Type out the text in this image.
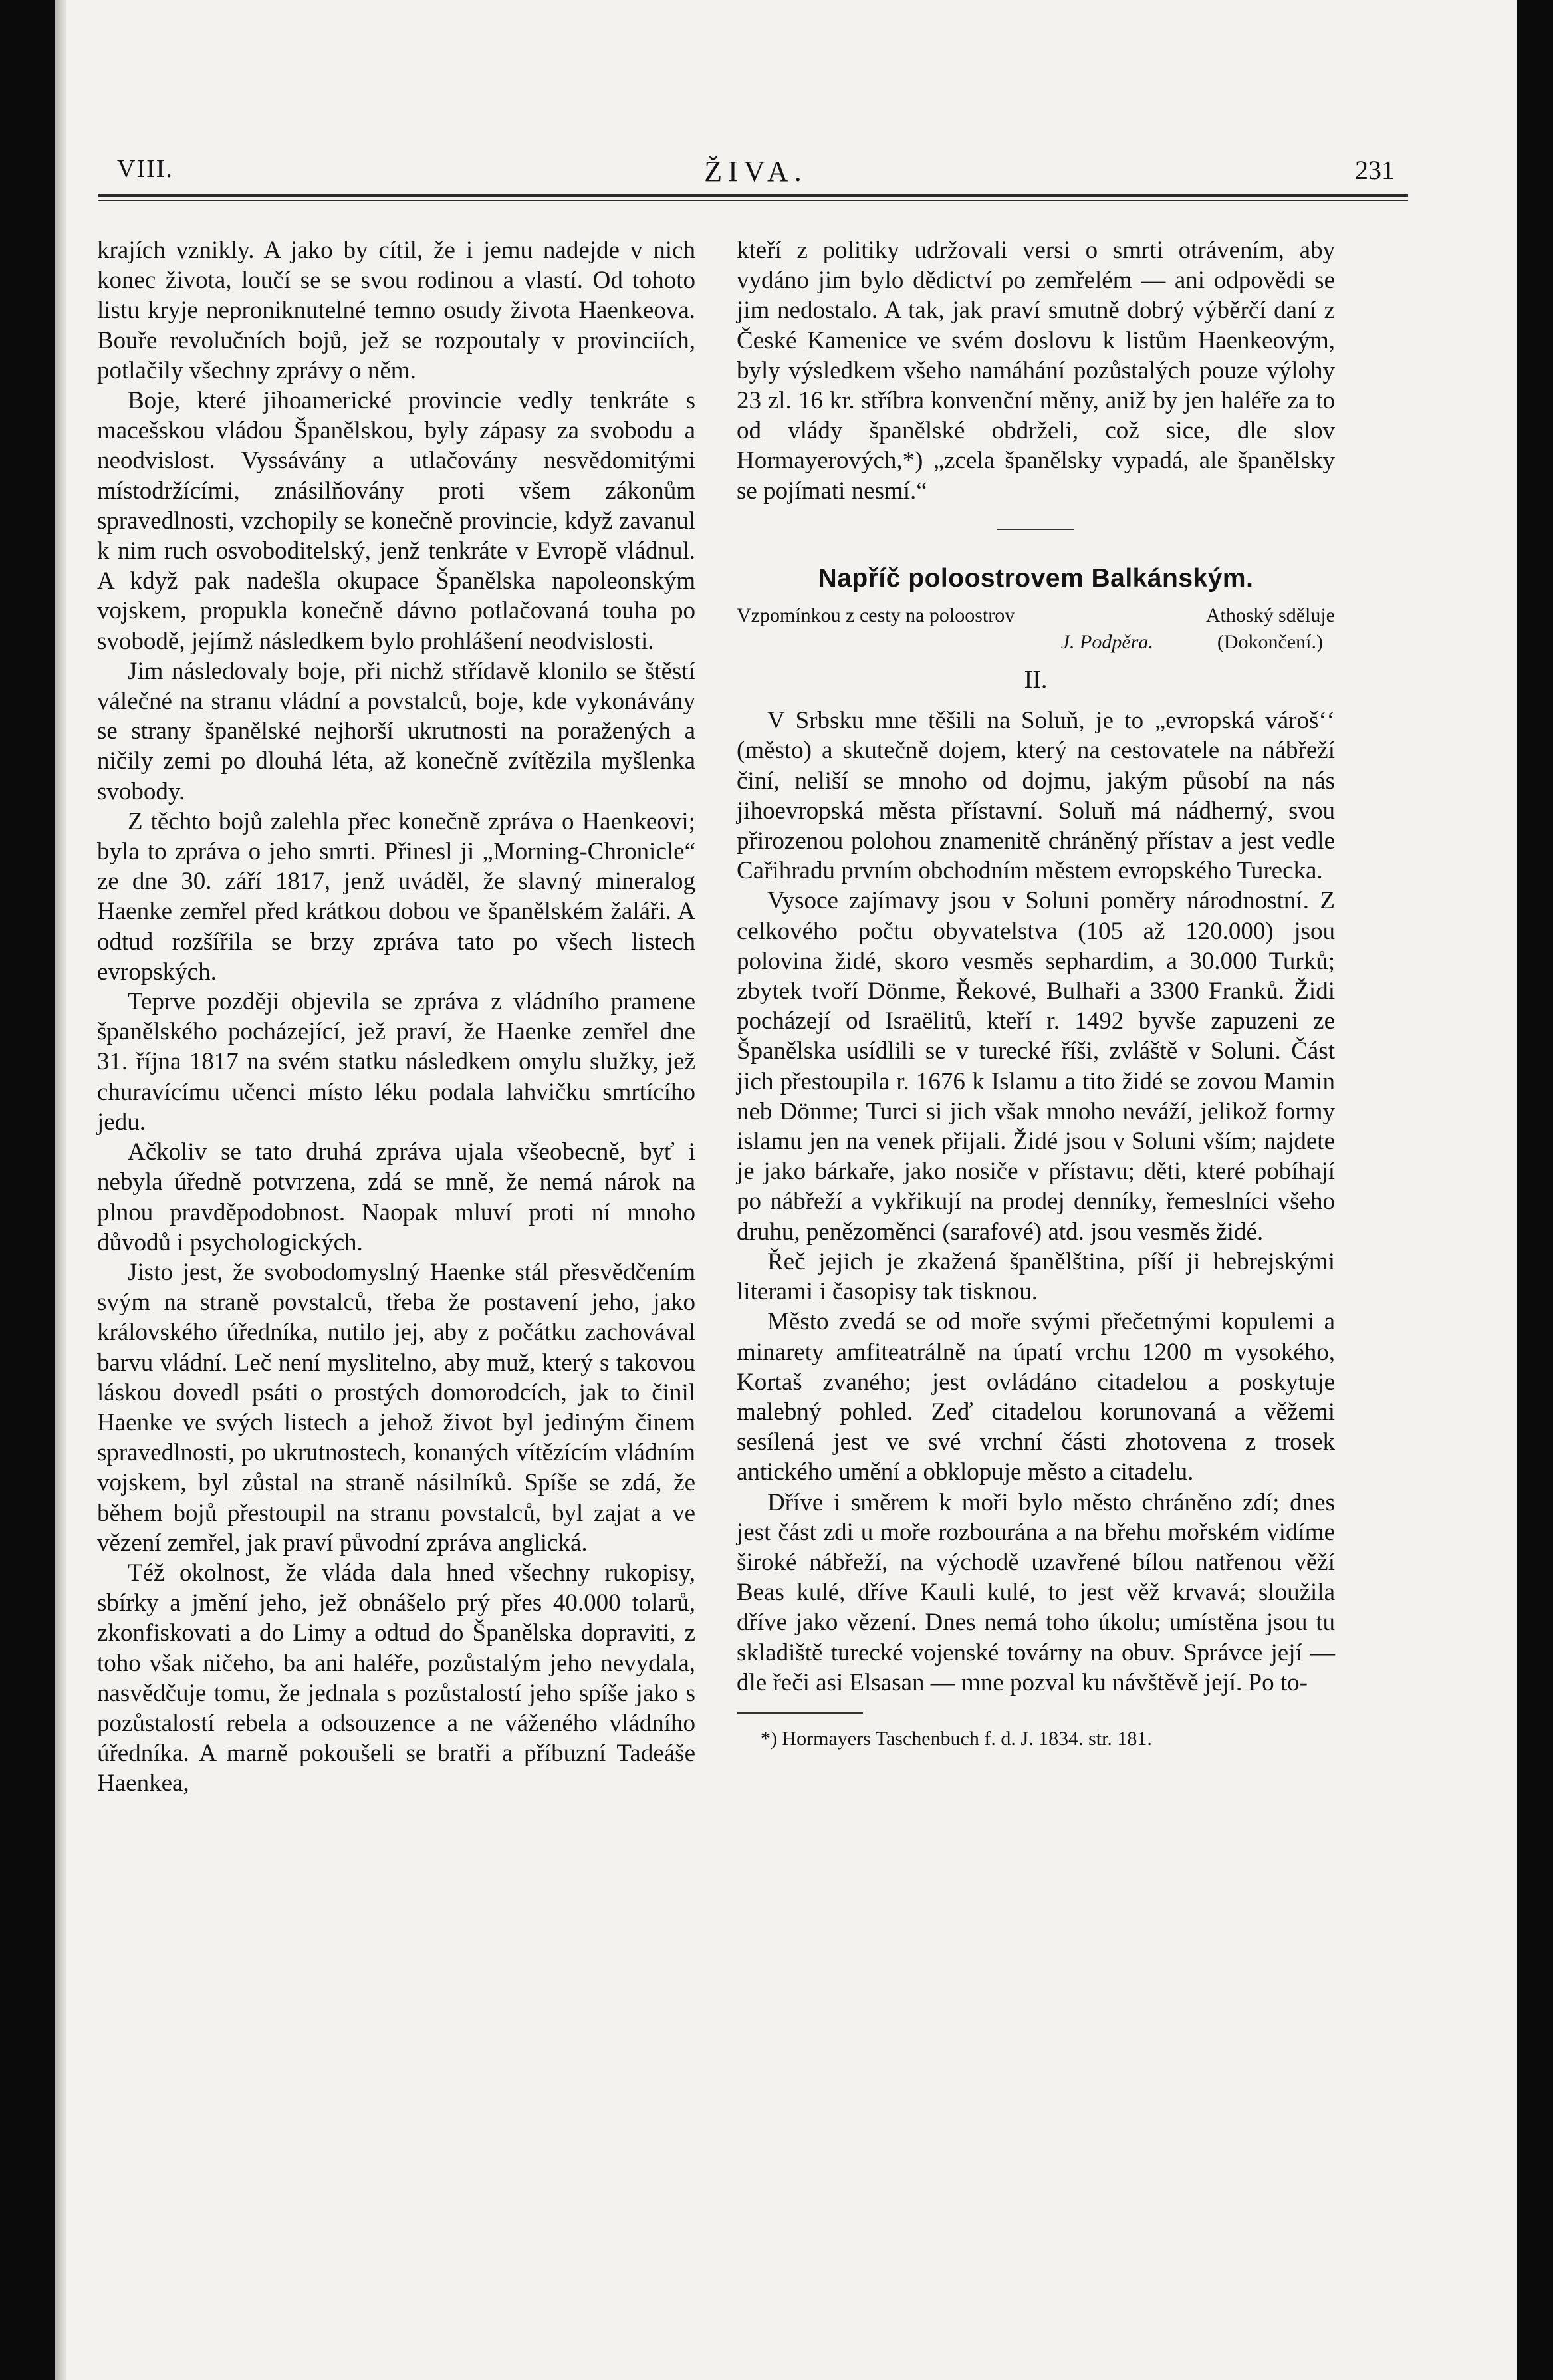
VIII.	ŽIVA.	231

krajích vznikly. A jako by cítil, že i jemu nadejde v nich konec života, loučí se se svou rodinou a vlastí. Od tohoto listu kryje neproniknutelné temno osudy života Haenkeova. Bouře revolučních bojů, jež se rozpoutaly v provinciích, potlačily všechny zprávy o něm.

Boje, které jihoamerické provincie vedly tenkráte s macešskou vládou Španělskou, byly zápasy za svobodu a neodvislost. Vyssávány a utlačovány nesvědomitými místodržícími, znásilňovány proti všem zákonům spravedlnosti, vzchopily se konečně provincie, když zavanul k nim ruch osvoboditelský, jenž tenkráte v Evropě vládnul. A když pak nadešla okupace Španělska napoleonským vojskem, propukla konečně dávno potlačovaná touha po svobodě, jejímž následkem bylo prohlášení neodvislosti.

Jim následovaly boje, při nichž střídavě klonilo se štěstí válečné na stranu vládní a povstalců, boje, kde vykonávány se strany španělské nejhorší ukrutnosti na poražených a ničily zemi po dlouhá léta, až konečně zvítězila myšlenka svobody.

Z těchto bojů zalehla přec konečně zpráva o Haenkeovi; byla to zpráva o jeho smrti. Přinesl ji „Morning-Chronicle“ ze dne 30. září 1817, jenž uváděl, že slavný mineralog Haenke zemřel před krátkou dobou ve španělském žaláři. A odtud rozšířila se brzy zpráva tato po všech listech evropských.

Teprve později objevila se zpráva z vládního pramene španělského pocházející, jež praví, že Haenke zemřel dne 31. října 1817 na svém statku následkem omylu služky, jež churavícímu učenci místo léku podala lahvičku smrtícího jedu.

Ačkoliv se tato druhá zpráva ujala všeobecně, byť i nebyla úředně potvrzena, zdá se mně, že nemá nárok na plnou pravděpodobnost. Naopak mluví proti ní mnoho důvodů i psychologických.

Jisto jest, že svobodomyslný Haenke stál přesvědčením svým na straně povstalců, třeba že postavení jeho, jako královského úředníka, nutilo jej, aby z počátku zachovával barvu vládní. Leč není myslitelno, aby muž, který s takovou láskou dovedl psáti o prostých domorodcích, jak to činil Haenke ve svých listech a jehož život byl jediným činem spravedlnosti, po ukrutnostech, konaných vítězícím vládním vojskem, byl zůstal na straně násilníků. Spíše se zdá, že během bojů přestoupil na stranu povstalců, byl zajat a ve vězení zemřel, jak praví původní zpráva anglická.

Též okolnost, že vláda dala hned všechny rukopisy, sbírky a jmění jeho, jež obnášelo prý přes 40.000 tolarů, zkonfiskovati a do Limy a odtud do Španělska dopraviti, z toho však ničeho, ba ani haléře, pozůstalým jeho nevydala, nasvědčuje tomu, že jednala s pozůstalostí jeho spíše jako s pozůstalostí rebela a odsouzence a ne váženého vládního úředníka. A marně pokoušeli se bratři a příbuzní Tadeáše Haenkea,

kteří z politiky udržovali versi o smrti otrávením, aby vydáno jim bylo dědictví po zemřelém — ani odpovědi se jim nedostalo. A tak, jak praví smutně dobrý výběrčí daní z České Kamenice ve svém doslovu k listům Haenkeovým, byly výsledkem všeho namáhání pozůstalých pouze výlohy 23 zl. 16 kr. stříbra konvenční měny, aniž by jen haléře za to od vlády španělské obdrželi, což sice, dle slov Hormayerových,*) „zcela španělsky vypadá, ale španělsky se pojímati nesmí.“

Napříč poloostrovem Balkánským.
Vzpomínkou z cesty na poloostrov	Athoský sděluje
J. Podpěra.	(Dokončení.)
II.

V Srbsku mne těšili na Soluň, je to „evropská várošʻʻ (město) a skutečně dojem, který na cestovatele na nábřeží činí, neliší se mnoho od dojmu, jakým působí na nás jihoevropská města přístavní. Soluň má nádherný, svou přirozenou polohou znamenitě chráněný přístav a jest vedle Cařihradu prvním obchodním městem evropského Turecka.

Vysoce zajímavy jsou v Soluni poměry národnostní. Z celkového počtu obyvatelstva (105 až 120.000) jsou polovina židé, skoro vesměs sephardim, a 30.000 Turků; zbytek tvoří Dönme, Řekové, Bulhaři a 3300 Franků. Židi pocházejí od Israëlitů, kteří r. 1492 byvše zapuzeni ze Španělska usídlili se v turecké říši, zvláště v Soluni. Část jich přestoupila r. 1676 k Islamu a tito židé se zovou Mamin neb Dönme; Turci si jich však mnoho neváží, jelikož formy islamu jen na venek přijali. Židé jsou v Soluni vším; najdete je jako bárkaře, jako nosiče v přístavu; děti, které pobíhají po nábřeží a vykřikují na prodej denníky, řemeslníci všeho druhu, penězoměnci (sarafové) atd. jsou vesměs židé.

Řeč jejich je zkažená španělština, píší ji hebrejskými literami i časopisy tak tisknou.

Město zvedá se od moře svými přečetnými kopulemi a minarety amfiteatrálně na úpatí vrchu 1200 m vysokého, Kortaš zvaného; jest ovládáno citadelou a poskytuje malebný pohled. Zeď citadelou korunovaná a věžemi sesílená jest ve své vrchní části zhotovena z trosek antického umění a obklopuje město a citadelu.

Dříve i směrem k moři bylo město chráněno zdí; dnes jest část zdi u moře rozbourána a na břehu mořském vidíme široké nábřeží, na východě uzavřené bílou natřenou věží Beas kulé, dříve Kauli kulé, to jest věž krvavá; sloužila dříve jako vězení. Dnes nemá toho úkolu; umístěna jsou tu skladiště turecké vojenské továrny na obuv. Správce její — dle řeči asi Elsasan — mne pozval ku návštěvě její. Po to-

*) Hormayers Taschenbuch f. d. J. 1834. str. 181.
